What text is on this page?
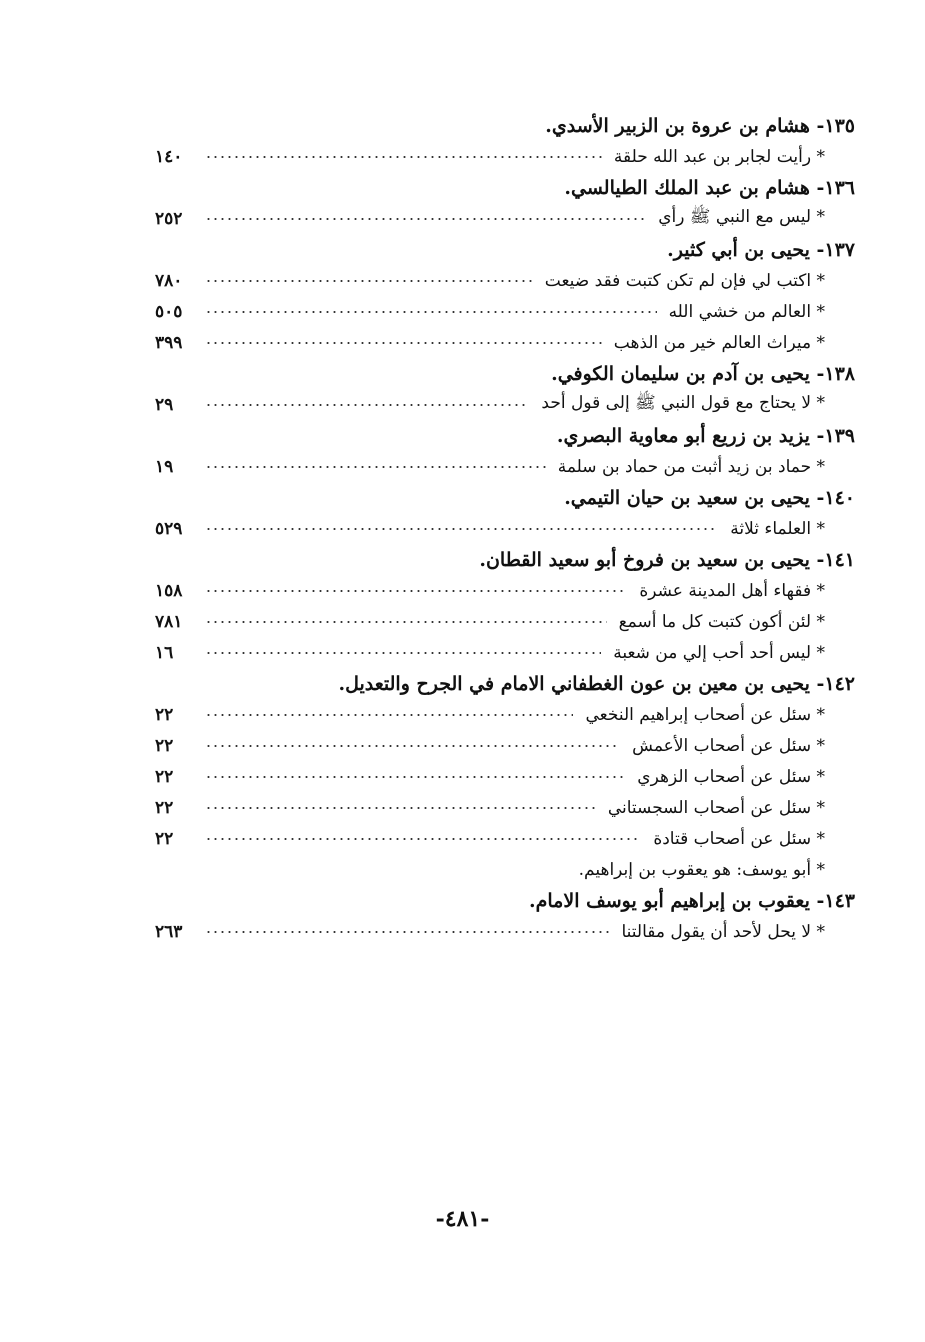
١٣٥- هشام بن عروة بن الزبير الأسدي.
١٤٠	* رأيت لجابر بن عبد الله حلقة
١٣٦- هشام بن عبد الملك الطيالسي.
٢٥٢	* ليس مع النبي ﷺ رأي
١٣٧- يحيى بن أبي كثير.
٧٨٠	* اكتب لي فإن لم تكن كتبت فقد ضيعت
٥٠٥	* العالم من خشي الله
٣٩٩	* ميراث العالم خير من الذهب
١٣٨- يحيى بن آدم بن سليمان الكوفي.
٢٩	* لا يحتاج مع قول النبي ﷺ إلى قول أحد
١٣٩- يزيد بن زريع أبو معاوية البصري.
١٩	* حماد بن زيد أثبت من حماد بن سلمة
١٤٠- يحيى بن سعيد بن حيان التيمي.
٥٢٩	* العلماء ثلاثة
١٤١- يحيى بن سعيد بن فروخ أبو سعيد القطان.
١٥٨	* فقهاء أهل المدينة عشرة
٧٨١	* لئن أكون كتبت كل ما أسمع
١٦	* ليس أحد أحب إلي من شعبة
١٤٢- يحيى بن معين بن عون الغطفاني الامام في الجرح والتعديل.
٢٢	* سئل عن أصحاب إبراهيم النخعي
٢٢	* سئل عن أصحاب الأعمش
٢٢	* سئل عن أصحاب الزهري
٢٢	* سئل عن أصحاب السجستاني
٢٢	* سئل عن أصحاب قتادة
* أبو يوسف: هو يعقوب بن إبراهيم.
١٤٣- يعقوب بن إبراهيم أبو يوسف الامام.
٢٦٣	* لا يحل لأحد أن يقول مقالتنا
-٤٨١-
